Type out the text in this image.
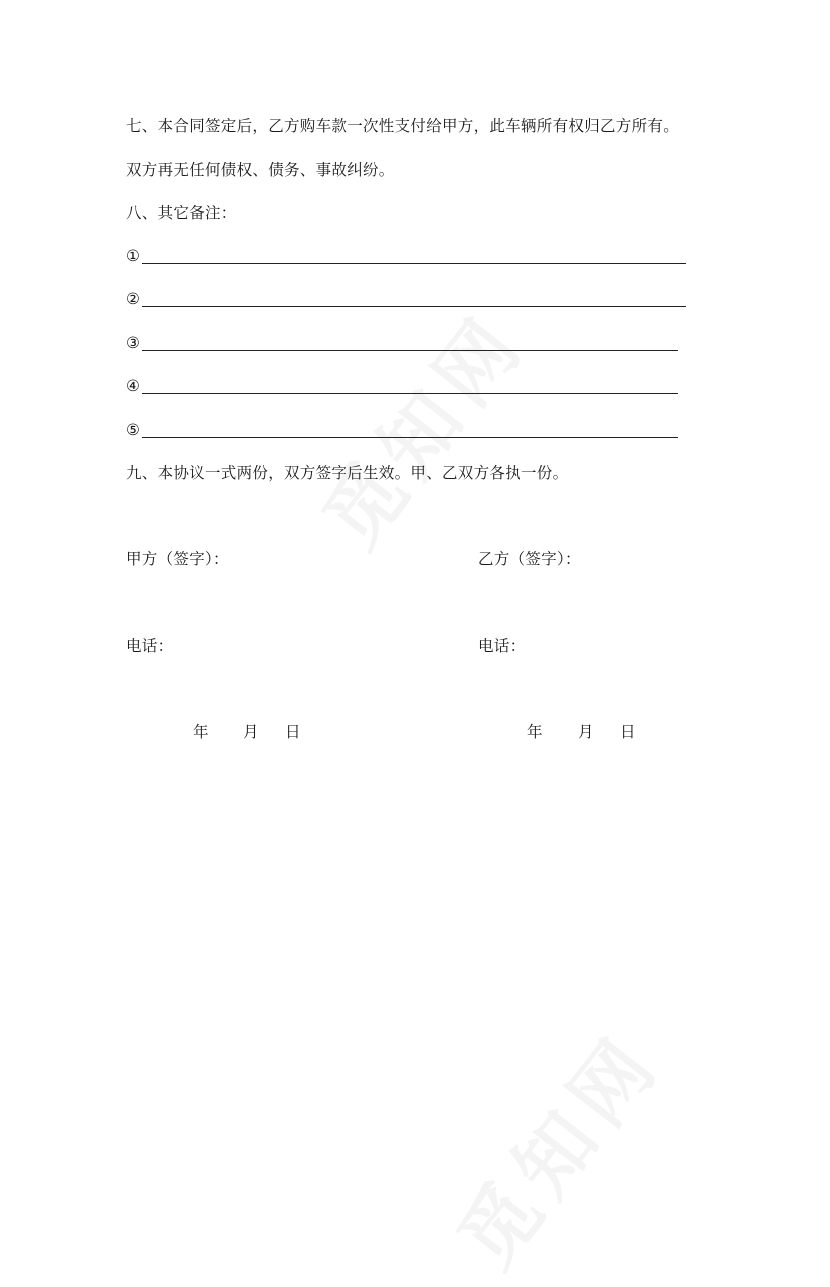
七、本合同签定后，乙方购车款一次性支付给甲方，此车辆所有权归乙方所有。
双方再无任何债权、债务、事故纠纷。
八、其它备注：
①
②
③
④
⑤
九、本协议一式两份，双方签字后生效。甲、乙双方各执一份。
甲方（签字）：	乙方（签字）：
电话：	电话：
年 月 日	年 月 日
